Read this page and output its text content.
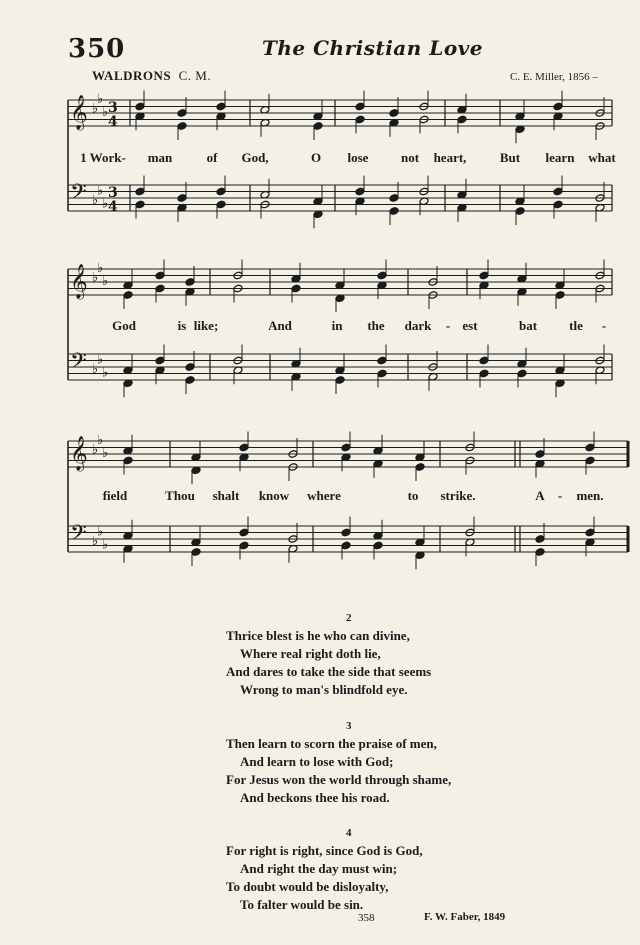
350	The Christian Love
WALDRONS C. M.	C. E. Miller, 1856 –
𝄞 ♭
♭
♭ 3
4
𝄢 ♭
♭
♭
3
4
1 Work- man	of God,	O lose not heart,	But learn what
𝄞 ♭
♭
♭
𝄢 ♭
♭
♭
God	is like;	And	in the dark - est	bat tle -
𝄞 ♭
♭
♭
𝄢 ♭
♭
♭
field	Thou shalt know where	to strike.	A - men.
2
Thrice blest is he who can divine,
Where real right doth lie,
And dares to take the side that seems
Wrong to man's blindfold eye.
3
Then learn to scorn the praise of men,
And learn to lose with God;
For Jesus won the world through shame,
And beckons thee his road.
4
For right is right, since God is God,
And right the day must win;
To doubt would be disloyalty,
To falter would be sin.
358	F. W. Faber, 1849
